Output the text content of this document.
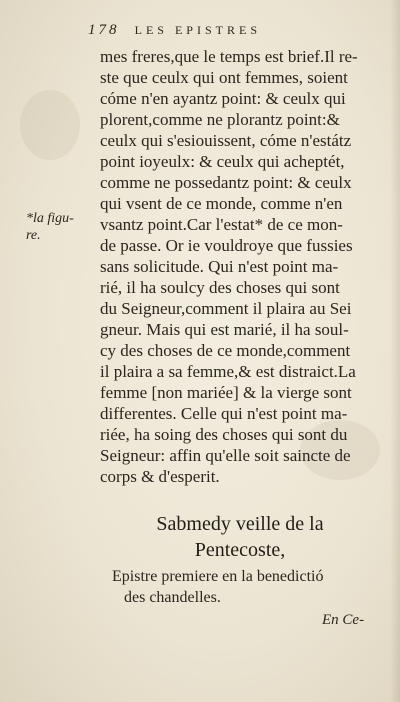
178 LES EPISTRES
*la figu-
re.
mes freres,que le temps est brief.Il re-
ste que ceulx qui ont femmes, soient
cóme n'en ayantz point: & ceulx qui
plorent,comme ne plorantz point:&
ceulx qui s'esiouissent, cóme n'estátz
point ioyeulx: & ceulx qui acheptét,
comme ne possedantz point: & ceulx
qui vsent de ce monde, comme n'en
vsantz point.Car l'estat* de ce mon-
de passe. Or ie vouldroye que fussies
sans solicitude. Qui n'est point ma-
rié, il ha soulcy des choses qui sont
du Seigneur,comment il plaira au Sei
gneur. Mais qui est marié, il ha soul-
cy des choses de ce monde,comment
il plaira a sa femme,& est distraict.La
femme [non mariée] & la vierge sont
differentes. Celle qui n'est point ma-
riée, ha soing des choses qui sont du
Seigneur: affin qu'elle soit saincte de
corps & d'esperit.
Sabmedy veille de la
Pentecoste,
Epistre premiere en la benedictió
des chandelles.
En Ce-
